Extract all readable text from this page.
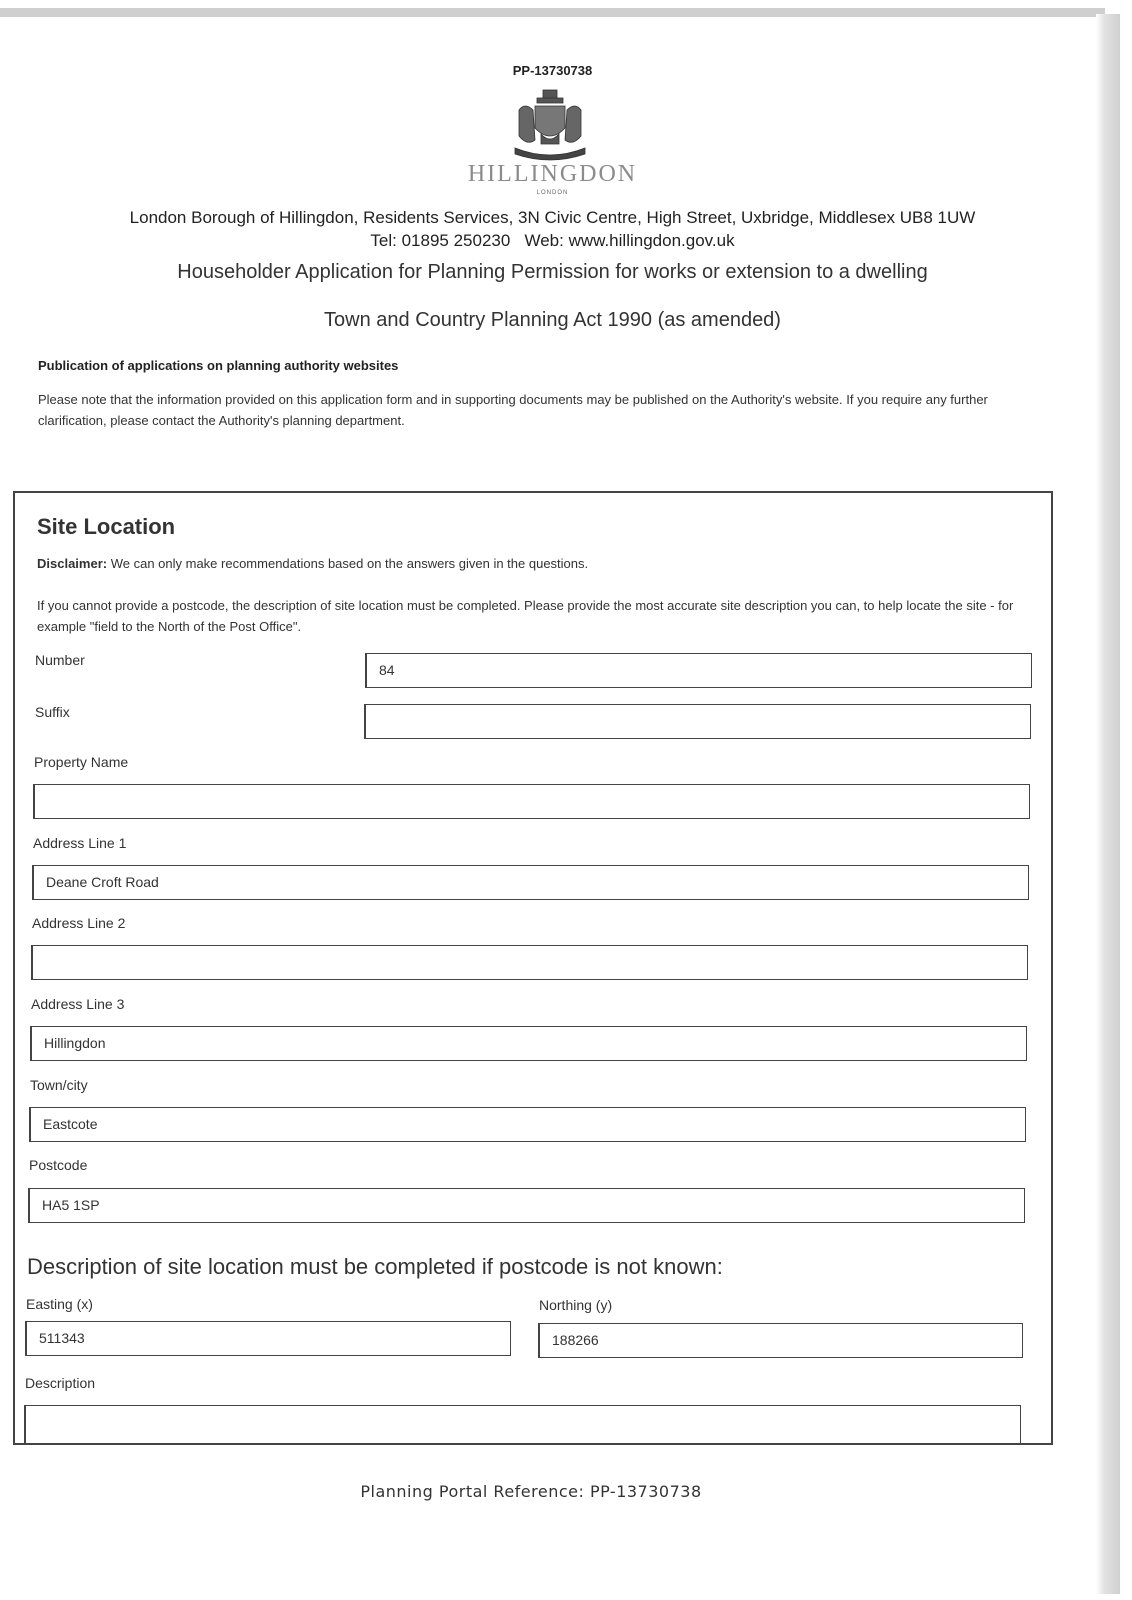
PP-13730738
HILLINGDON
LONDON
London Borough of Hillingdon, Residents Services, 3N Civic Centre, High Street, Uxbridge, Middlesex UB8 1UW
Tel: 01895 250230   Web: www.hillingdon.gov.uk
Householder Application for Planning Permission for works or extension to a dwelling
Town and Country Planning Act 1990 (as amended)
Publication of applications on planning authority websites
Please note that the information provided on this application form and in supporting documents may be published on the Authority's website. If you require any further clarification, please contact the Authority's planning department.
Site Location
Disclaimer: We can only make recommendations based on the answers given in the questions.
If you cannot provide a postcode, the description of site location must be completed. Please provide the most accurate site description you can, to help locate the site - for example "field to the North of the Post Office".
Number
84
Suffix
Property Name
Address Line 1
Deane Croft Road
Address Line 2
Address Line 3
Hillingdon
Town/city
Eastcote
Postcode
HA5 1SP
Description of site location must be completed if postcode is not known:
Easting (x)
511343
Northing (y)
188266
Description
Planning Portal Reference: PP-13730738
